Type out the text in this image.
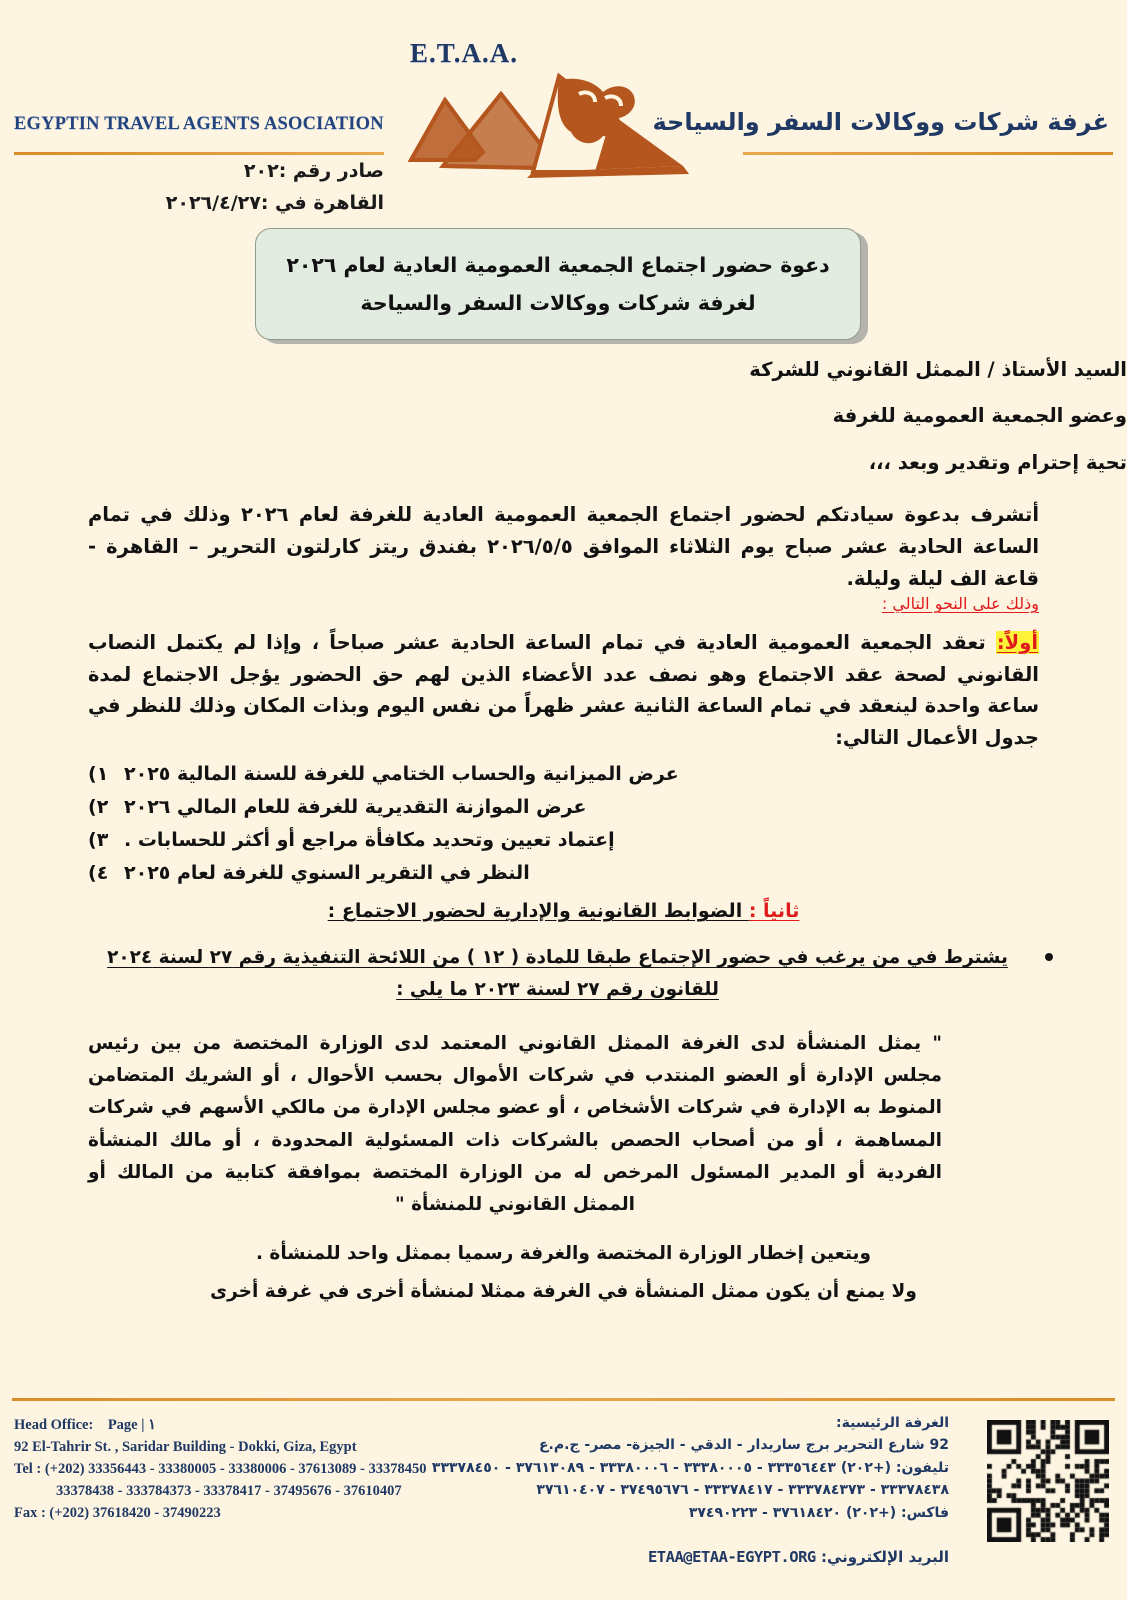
E.T.A.A.
EGYPTIN TRAVEL AGENTS ASOCIATION	غرفة شركات ووكالات السفر والسياحة
صادر رقم :٢٠٢
القاهرة في :٢٠٢٦/٤/٢٧
دعوة حضور اجتماع الجمعية العمومية العادية لعام ٢٠٢٦
لغرفة شركات ووكالات السفر والسياحة
السيد الأستاذ / الممثل القانوني للشركة
وعضو الجمعية العمومية للغرفة
تحية إحترام وتقدير وبعد ،،،
أتشرف بدعوة سيادتكم لحضور اجتماع الجمعية العمومية العادية للغرفة لعام ٢٠٢٦ وذلك في تمام الساعة الحادية عشر صباح يوم الثلاثاء الموافق ٢٠٢٦/٥/٥ بفندق ريتز كارلتون التحرير – القاهرة - قاعة الف ليلة وليلة.
وذلك على النحو التالي :
أولاً: تعقد الجمعية العمومية العادية في تمام الساعة الحادية عشر صباحاً ، وإذا لم يكتمل النصاب القانوني لصحة عقد الاجتماع وهو نصف عدد الأعضاء الذين لهم حق الحضور يؤجل الاجتماع لمدة ساعة واحدة لينعقد في تمام الساعة الثانية عشر ظهراً من نفس اليوم وبذات المكان وذلك للنظر في جدول الأعمال التالي:
عرض الميزانية والحساب الختامي للغرفة للسنة المالية ٢٠٢٥
١)
عرض الموازنة التقديرية للغرفة للعام المالي ٢٠٢٦
٢)
إعتماد تعيين وتحديد مكافأة مراجع أو أكثر للحسابات .
٣)
النظر في التقرير السنوي للغرفة لعام ٢٠٢٥
٤)
ثانياً : الضوابط القانونية والإدارية لحضور الاجتماع :
يشترط في من يرغب في حضور الإجتماع طبقا للمادة ( ١٢ ) من اللائحة التنفيذية رقم ٢٧ لسنة ٢٠٢٤
للقانون رقم ٢٧ لسنة ٢٠٢٣ ما يلي :
" يمثل المنشأة لدى الغرفة الممثل القانوني المعتمد لدى الوزارة المختصة من بين رئيس مجلس الإدارة أو العضو المنتدب في شركات الأموال بحسب الأحوال ، أو الشريك المتضامن المنوط به الإدارة في شركات الأشخاص ، أو عضو مجلس الإدارة من مالكي الأسهم في شركات المساهمة ، أو من أصحاب الحصص بالشركات ذات المسئولية المحدودة ، أو مالك المنشأة الفردية أو المدير المسئول المرخص له من الوزارة المختصة بموافقة كتابية من المالك أو الممثل القانوني للمنشأة "
ويتعين إخطار الوزارة المختصة والغرفة رسميا بممثل واحد للمنشأة .
ولا يمنع أن يكون ممثل المنشأة في الغرفة ممثلا لمنشأة أخرى في غرفة أخرى
Head Office: Page | ١
92 El-Tahrir St. , Saridar Building - Dokki, Giza, Egypt
Tel : (+202) 33356443 - 33380005 - 33380006 - 37613089 - 33378450
33378438 - 333784373 - 33378417 - 37495676 - 37610407
Fax : (+202) 37618420 - 37490223
الغرفة الرئيسية:
92 شارع التحرير برج ساريدار - الدقي - الجيزة- مصر- ج.م.ع
تليفون: (+٢٠٢) ٣٣٣٥٦٤٤٣ - ٣٣٣٨٠٠٠٥ - ٣٣٣٨٠٠٠٦ - ٣٧٦١٣٠٨٩ - ٣٣٣٧٨٤٥٠
٣٣٣٧٨٤٣٨ - ٣٣٣٧٨٤٣٧٣ - ٣٣٣٧٨٤١٧ - ٣٧٤٩٥٦٧٦ - ٣٧٦١٠٤٠٧
فاكس: (+٢٠٢) ٣٧٦١٨٤٢٠ - ٣٧٤٩٠٢٢٣
البريد الإلكتروني: ETAA@ETAA-EGYPT.ORG
